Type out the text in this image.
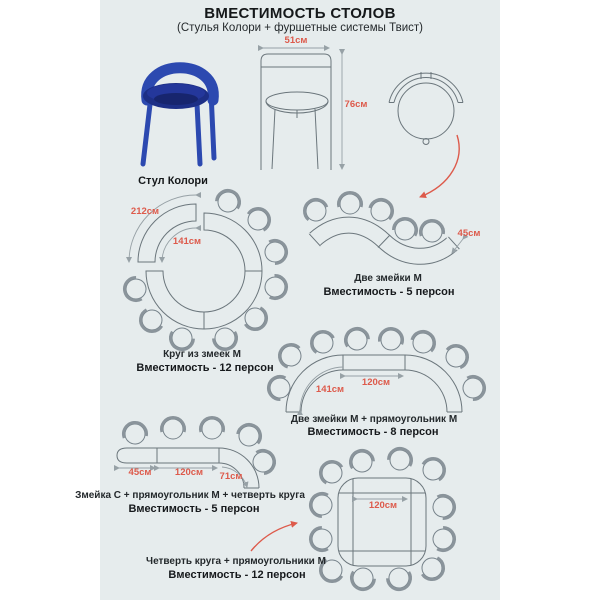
ВМЕСТИМОСТЬ СТОЛОВ
(Стулья Колори + фуршетные системы Твист)
Стул Колори
51см
76см
212см
141см
Круг из змеек М
Вместимость - 12 персон
45см
Две змейки М
Вместимость - 5 персон
120см
141см
Две змейки М + прямоугольник М
Вместимость - 8 персон
45см 120см 71см
Змейка С + прямоугольник М + четверть круга
Вместимость - 5 персон	120см
Четверть круга + прямоугольники М
Вместимость - 12 персон
